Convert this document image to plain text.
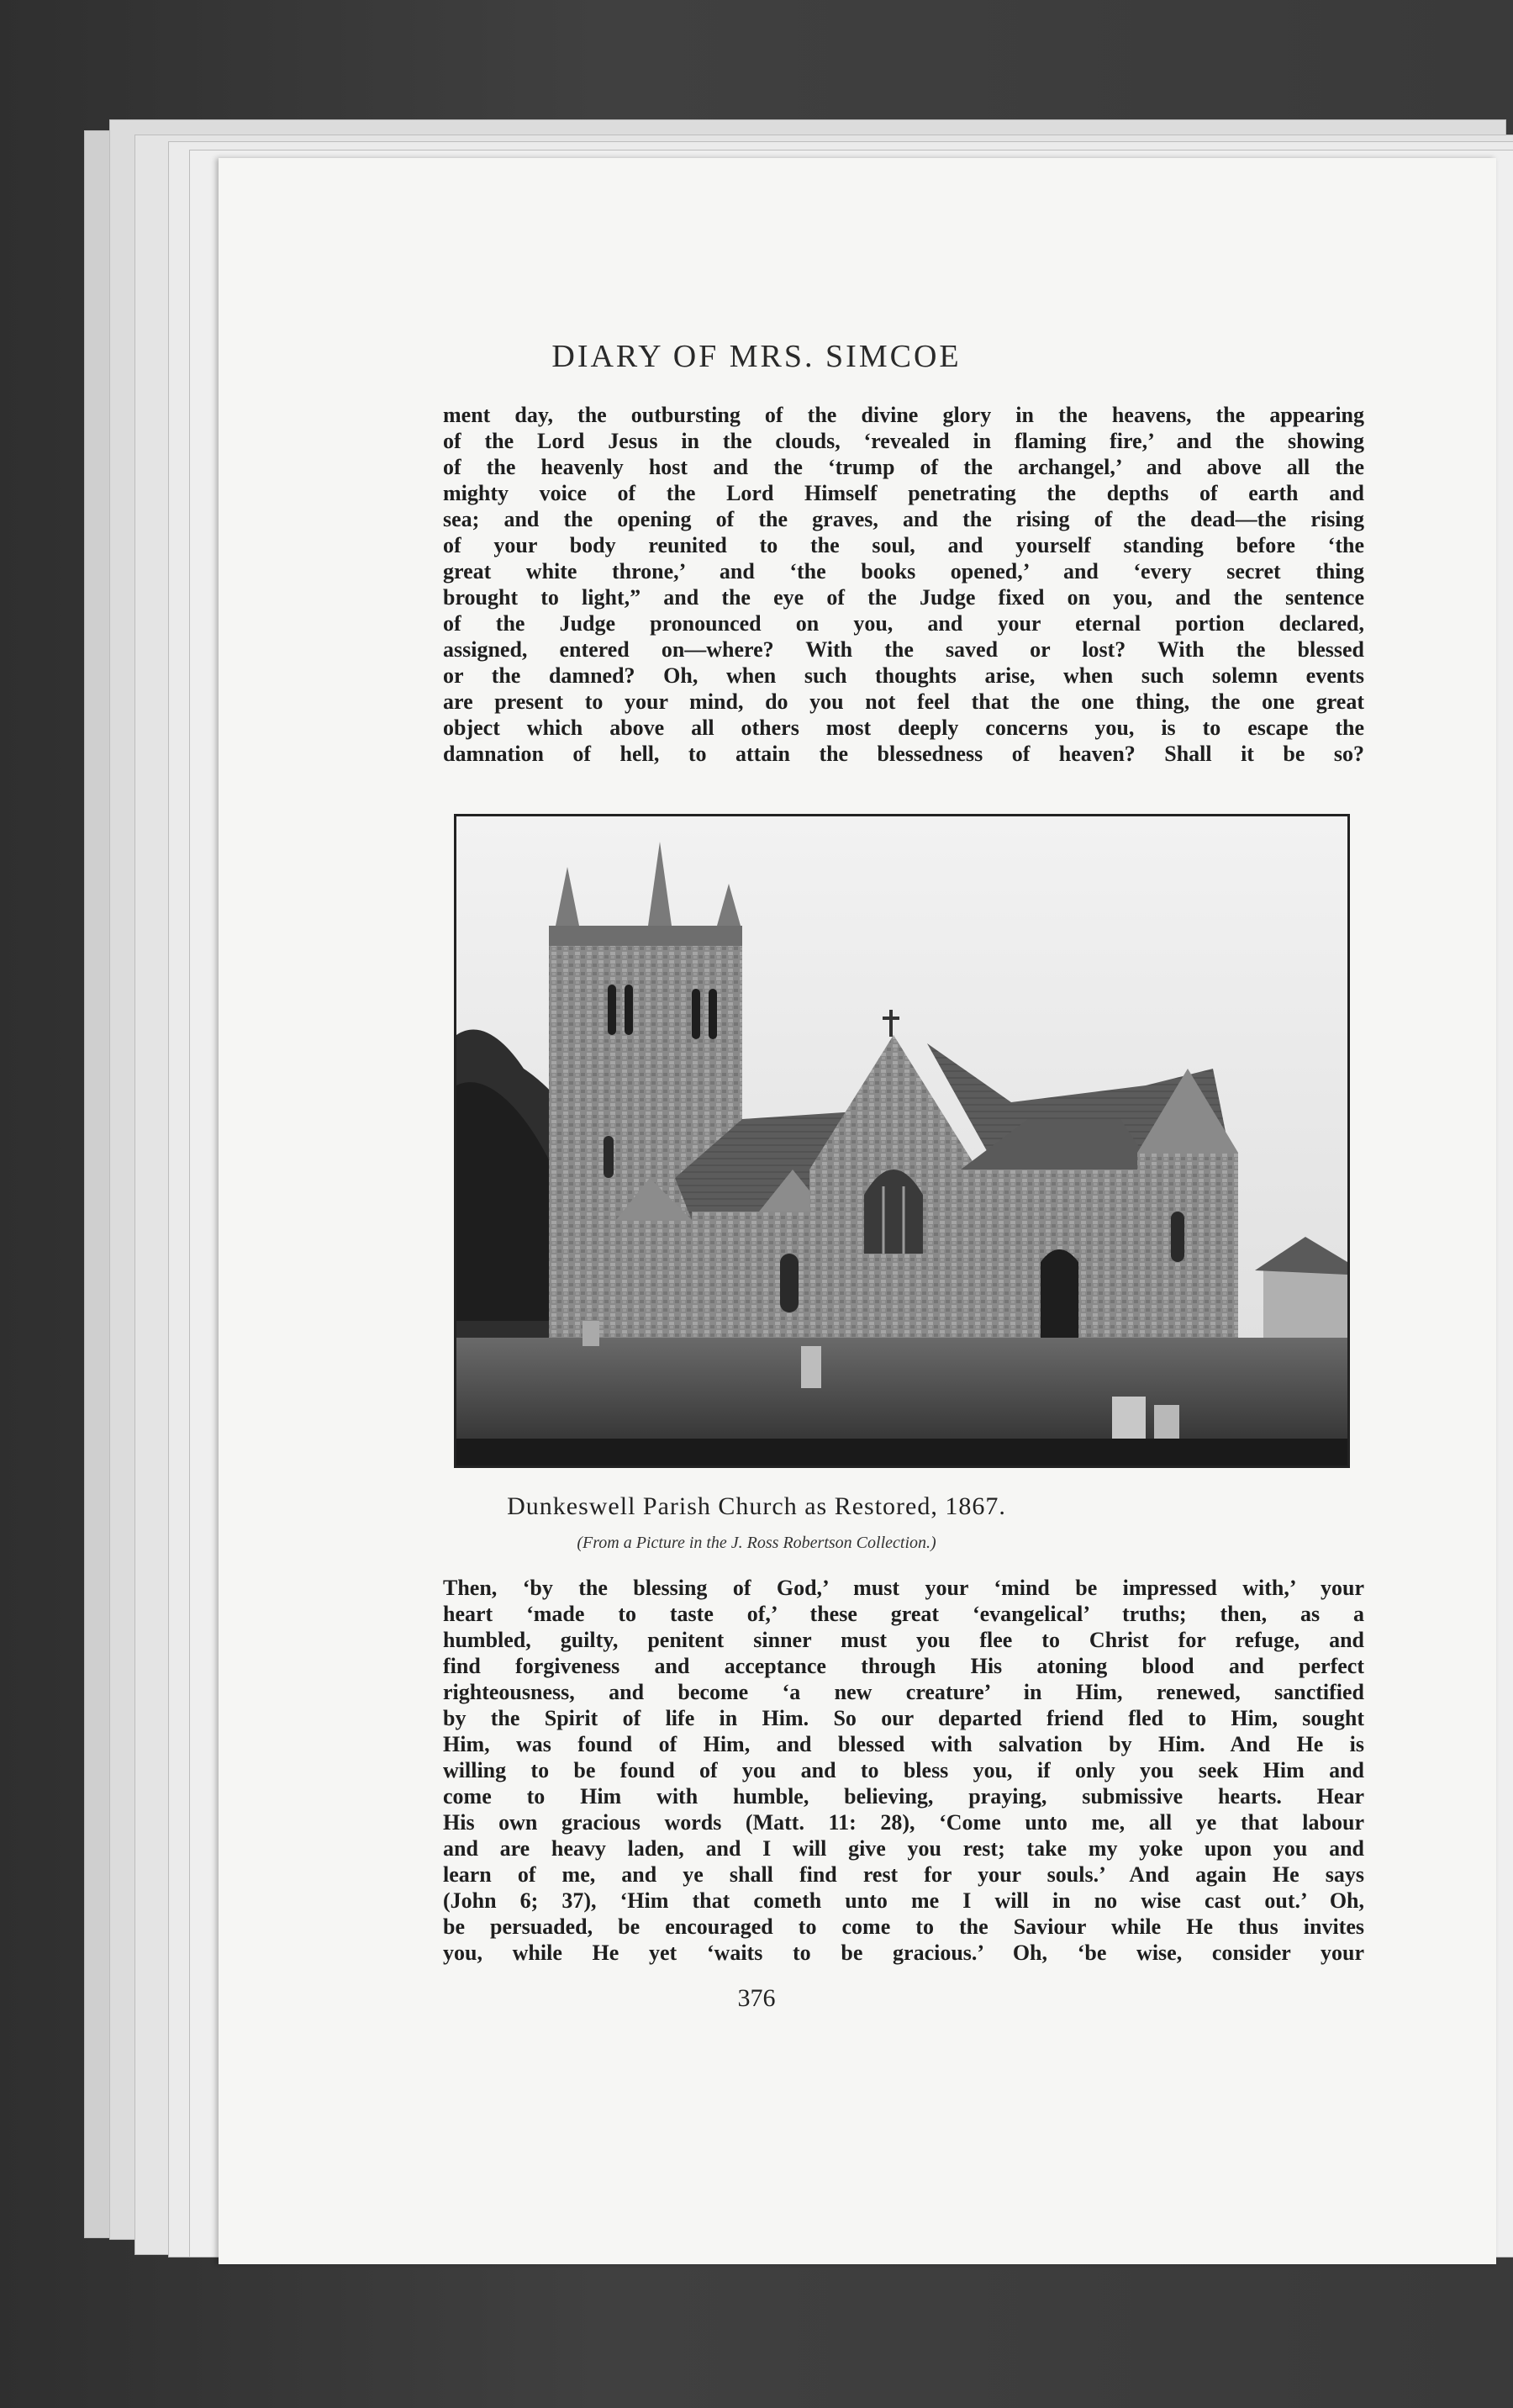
DIARY OF MRS. SIMCOE
ment day, the outbursting of the divine glory in the heavens, the appearing
of the Lord Jesus in the clouds, ‘revealed in flaming fire,’ and the showing
of the heavenly host and the ‘trump of the archangel,’ and above all the
mighty voice of the Lord Himself penetrating the depths of earth and
sea; and the opening of the graves, and the rising of the dead—the rising
of your body reunited to the soul, and yourself standing before ‘the
great white throne,’ and ‘the books opened,’ and ‘every secret thing
brought to light,” and the eye of the Judge fixed on you, and the sentence
of the Judge pronounced on you, and your eternal portion declared,
assigned, entered on—where? With the saved or lost? With the blessed
or the damned? Oh, when such thoughts arise, when such solemn events
are present to your mind, do you not feel that the one thing, the one great
object which above all others most deeply concerns you, is to escape the
damnation of hell, to attain the blessedness of heaven? Shall it be so?
Dunkeswell Parish Church as Restored, 1867.
(From a Picture in the J. Ross Robertson Collection.)
Then, ‘by the blessing of God,’ must your ‘mind be impressed with,’ your
heart ‘made to taste of,’ these great ‘evangelical’ truths; then, as a
humbled, guilty, penitent sinner must you flee to Christ for refuge, and
find forgiveness and acceptance through His atoning blood and perfect
righteousness, and become ‘a new creature’ in Him, renewed, sanctified
by the Spirit of life in Him. So our departed friend fled to Him, sought
Him, was found of Him, and blessed with salvation by Him. And He is
willing to be found of you and to bless you, if only you seek Him and
come to Him with humble, believing, praying, submissive hearts. Hear
His own gracious words (Matt. 11: 28), ‘Come unto me, all ye that labour
and are heavy laden, and I will give you rest; take my yoke upon you and
learn of me, and ye shall find rest for your souls.’ And again He says
(John 6; 37), ‘Him that cometh unto me I will in no wise cast out.’ Oh,
be persuaded, be encouraged to come to the Saviour while He thus invites
you, while He yet ‘waits to be gracious.’ Oh, ‘be wise, consider your
376
